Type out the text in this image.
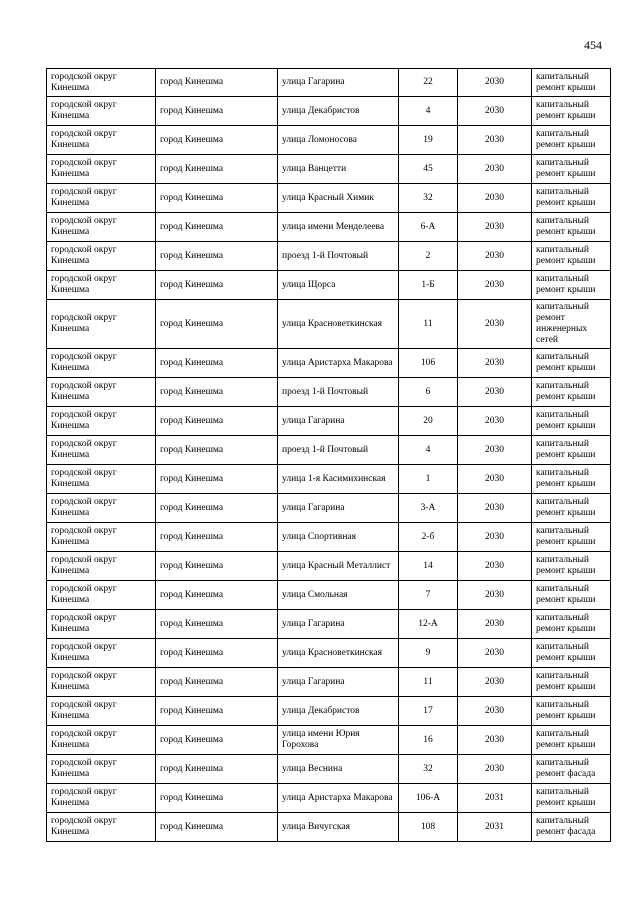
454
городской округ Кинешма	город Кинешма	улица Гагарина	22	2030	капитальный ремонт крыши
городской округ Кинешма	город Кинешма	улица Декабристов	4	2030	капитальный ремонт крыши
городской округ Кинешма	город Кинешма	улица Ломоносова	19	2030	капитальный ремонт крыши
городской округ Кинешма	город Кинешма	улица Ванцетти	45	2030	капитальный ремонт крыши
городской округ Кинешма	город Кинешма	улица Красный Химик	32	2030	капитальный ремонт крыши
городской округ Кинешма	город Кинешма	улица имени Менделеева	6-А	2030	капитальный ремонт крыши
городской округ Кинешма	город Кинешма	проезд 1-й Почтовый	2	2030	капитальный ремонт крыши
городской округ Кинешма	город Кинешма	улица Щорса	1-Б	2030	капитальный ремонт крыши
городской округ Кинешма	город Кинешма	улица Красноветкинская	11	2030	капитальный ремонт инженерных сетей
городской округ Кинешма	город Кинешма	улица Аристарха Макарова	106	2030	капитальный ремонт крыши
городской округ Кинешма	город Кинешма	проезд 1-й Почтовый	6	2030	капитальный ремонт крыши
городской округ Кинешма	город Кинешма	улица Гагарина	20	2030	капитальный ремонт крыши
городской округ Кинешма	город Кинешма	проезд 1-й Почтовый	4	2030	капитальный ремонт крыши
городской округ Кинешма	город Кинешма	улица 1-я Касимихинская	1	2030	капитальный ремонт крыши
городской округ Кинешма	город Кинешма	улица Гагарина	3-А	2030	капитальный ремонт крыши
городской округ Кинешма	город Кинешма	улица Спортивная	2-б	2030	капитальный ремонт крыши
городской округ Кинешма	город Кинешма	улица Красный Металлист	14	2030	капитальный ремонт крыши
городской округ Кинешма	город Кинешма	улица Смольная	7	2030	капитальный ремонт крыши
городской округ Кинешма	город Кинешма	улица Гагарина	12-А	2030	капитальный ремонт крыши
городской округ Кинешма	город Кинешма	улица Красноветкинская	9	2030	капитальный ремонт крыши
городской округ Кинешма	город Кинешма	улица Гагарина	11	2030	капитальный ремонт крыши
городской округ Кинешма	город Кинешма	улица Декабристов	17	2030	капитальный ремонт крыши
городской округ Кинешма	город Кинешма	улица имени Юрия Горохова	16	2030	капитальный ремонт крыши
городской округ Кинешма	город Кинешма	улица Веснина	32	2030	капитальный ремонт фасада
городской округ Кинешма	город Кинешма	улица Аристарха Макарова	106-А	2031	капитальный ремонт крыши
городской округ Кинешма	город Кинешма	улица Вичугская	108	2031	капитальный ремонт фасада
